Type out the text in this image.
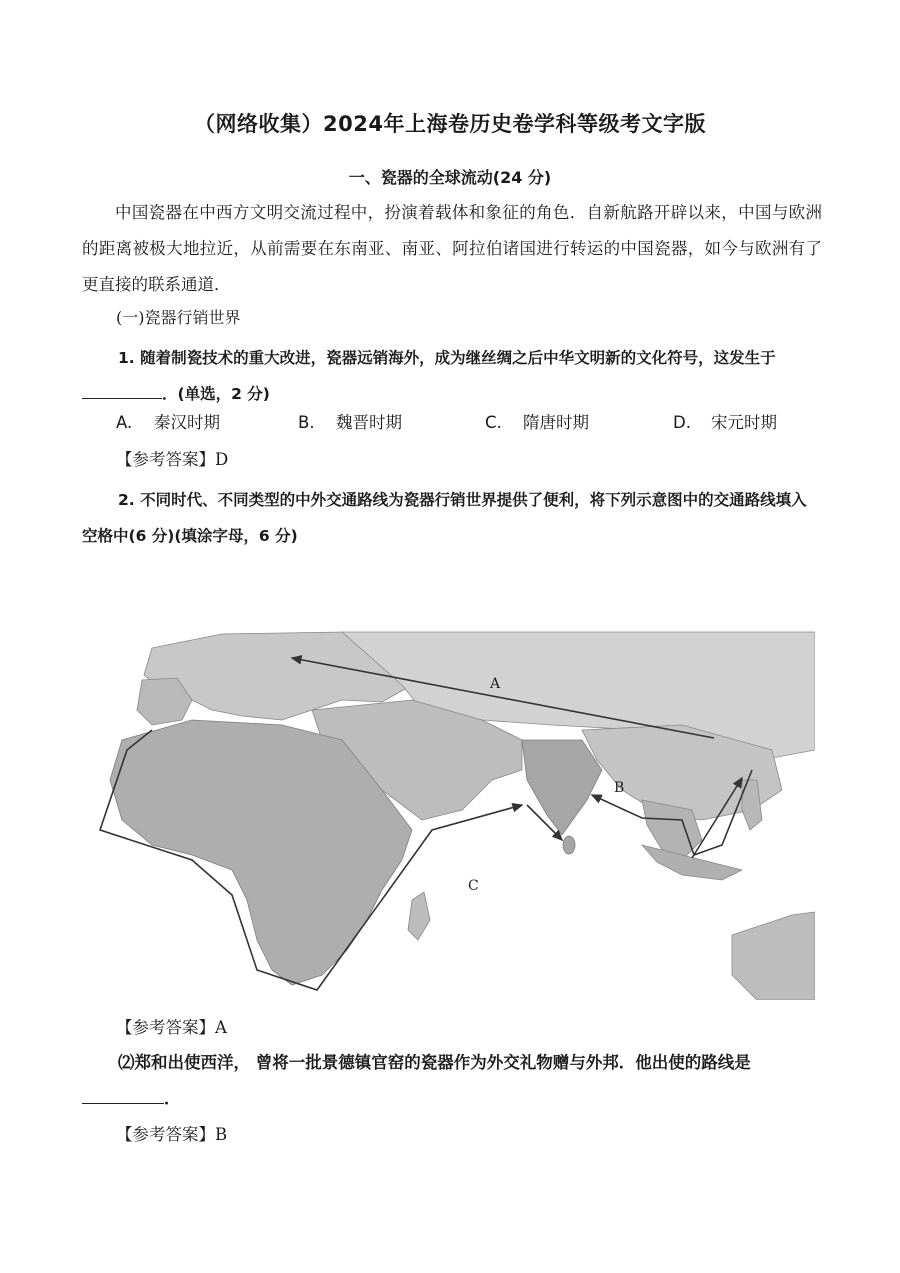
（网络收集）2024年上海卷历史卷学科等级考文字版
一、瓷器的全球流动(24 分)
中国瓷器在中西方文明交流过程中，扮演着载体和象征的角色．自新航路开辟以来，中国与欧洲的距离被极大地拉近，从前需要在东南亚、南亚、阿拉伯诸国进行转运的中国瓷器，如今与欧洲有了更直接的联系通道．
(一)瓷器行销世界
1. 随着制瓷技术的重大改进，瓷器远销海外，成为继丝绸之后中华文明新的文化符号，这发生于．(单选，2 分)
A. 秦汉时期	B. 魏晋时期	C. 隋唐时期	D. 宋元时期
【参考答案】D
2. 不同时代、不同类型的中外交通路线为瓷器行销世界提供了便利，将下列示意图中的交通路线填入空格中(6 分)(填涂字母，6 分)
A
B
C
【参考答案】A
⑵郑和出使西洋， 曾将一批景德镇官窑的瓷器作为外交礼物赠与外邦．他出使的路线是．
【参考答案】B
